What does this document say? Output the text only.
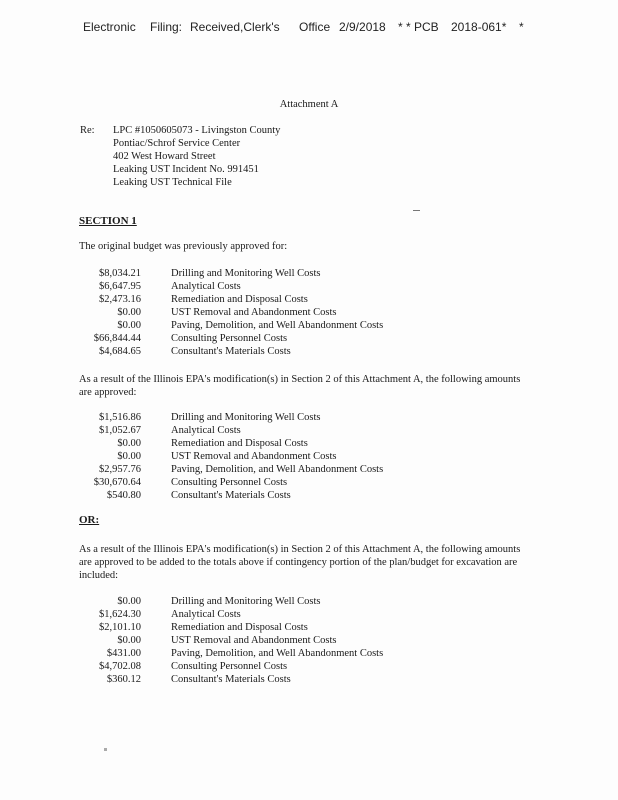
Electronic Filing: Received,Clerk's Office 2/9/2018 * * PCB 2018-061* *
Attachment A
Re: LPC #1050605073 - Livingston County
Pontiac/Schrof Service Center
402 West Howard Street
Leaking UST Incident No. 991451
Leaking UST Technical File
SECTION 1
The original budget was previously approved for:
$8,034.21	Drilling and Monitoring Well Costs
$6,647.95	Analytical Costs
$2,473.16	Remediation and Disposal Costs
$0.00	UST Removal and Abandonment Costs
$0.00	Paving, Demolition, and Well Abandonment Costs
$66,844.44	Consulting Personnel Costs
$4,684.65	Consultant's Materials Costs
As a result of the Illinois EPA's modification(s) in Section 2 of this Attachment A, the following amounts are approved:
$1,516.86	Drilling and Monitoring Well Costs
$1,052.67	Analytical Costs
$0.00	Remediation and Disposal Costs
$0.00	UST Removal and Abandonment Costs
$2,957.76	Paving, Demolition, and Well Abandonment Costs
$30,670.64	Consulting Personnel Costs
$540.80	Consultant's Materials Costs
OR:
As a result of the Illinois EPA's modification(s) in Section 2 of this Attachment A, the following amounts are approved to be added to the totals above if contingency portion of the plan/budget for excavation are included:
$0.00	Drilling and Monitoring Well Costs
$1,624.30	Analytical Costs
$2,101.10	Remediation and Disposal Costs
$0.00	UST Removal and Abandonment Costs
$431.00	Paving, Demolition, and Well Abandonment Costs
$4,702.08	Consulting Personnel Costs
$360.12	Consultant's Materials Costs
